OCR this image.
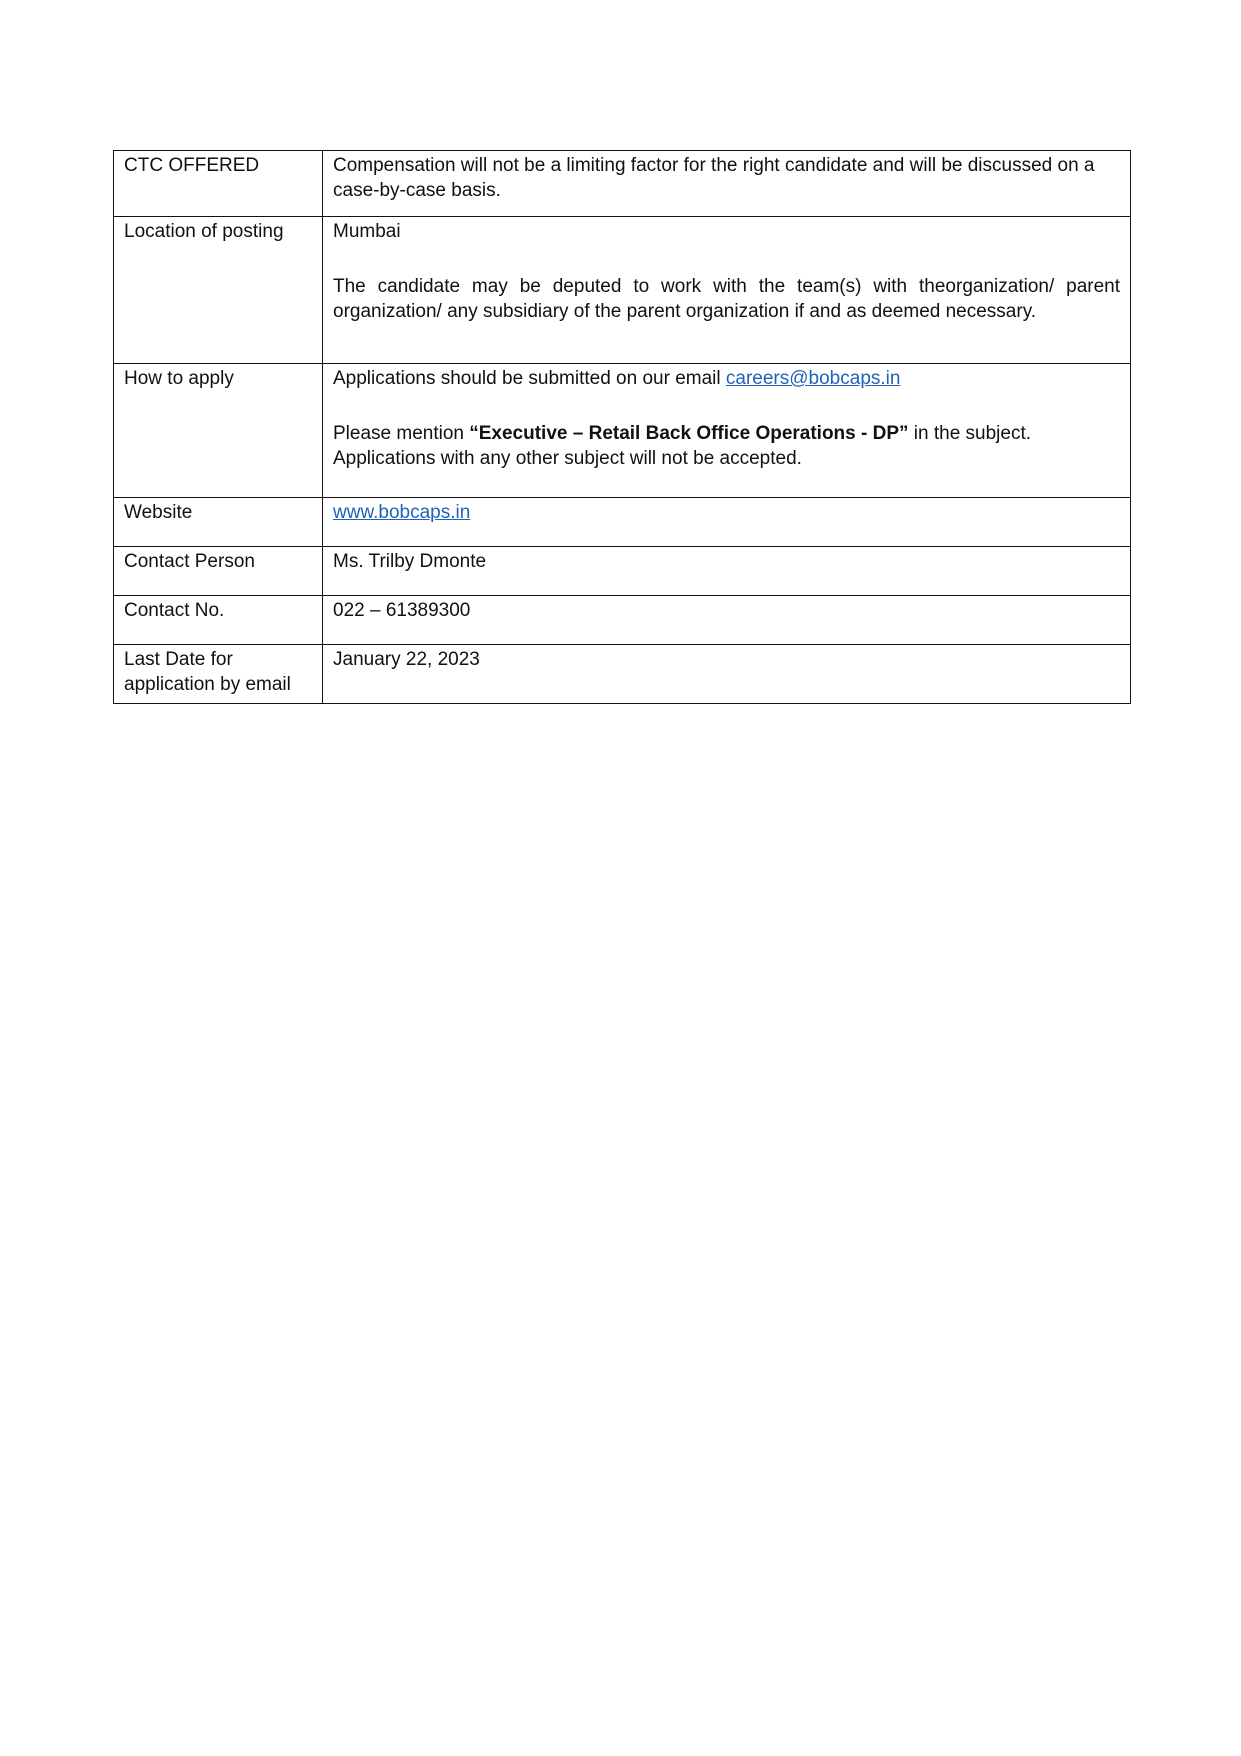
CTC OFFERED	Compensation will not be a limiting factor for the right candidate and will be discussed on a case-by-case basis.
Location of posting	Mumbai
The candidate may be deputed to work with the team(s) with theorganization/ parent organization/ any subsidiary of the parent organization if and as deemed necessary.

How to apply	Applications should be submitted on our email careers@bobcaps.in
Please mention “Executive – Retail Back Office Operations - DP” in the subject.
Applications with any other subject will not be accepted.

Website	www.bobcaps.in
Contact Person	Ms. Trilby Dmonte
Contact No.	022 – 61389300
Last Date for application by email	January 22, 2023
